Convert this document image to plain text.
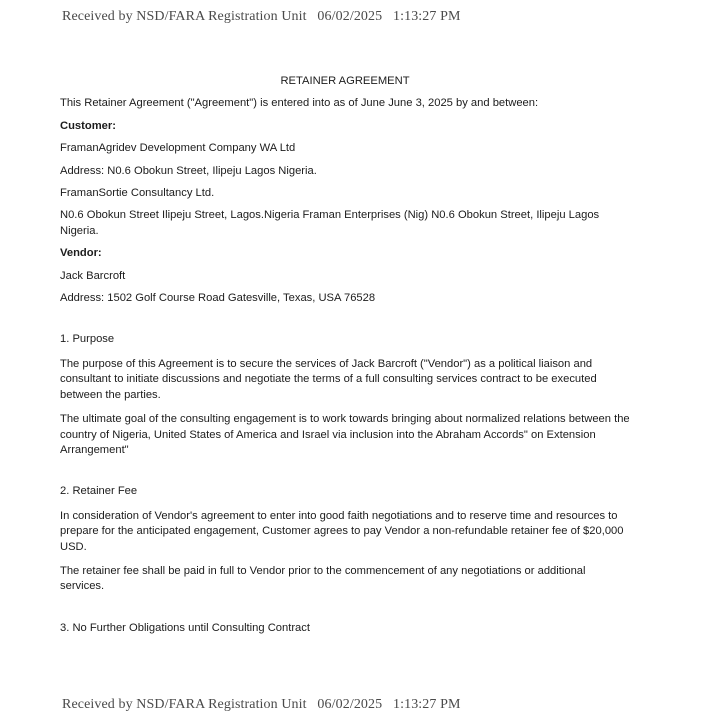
Received by NSD/FARA Registration Unit   06/02/2025   1:13:27 PM

RETAINER AGREEMENT

This Retainer Agreement ("Agreement") is entered into as of June June 3, 2025 by and between:

Customer:

FramanAgridev Development Company WA Ltd

Address: N0.6 Obokun Street, Ilipeju Lagos Nigeria.

FramanSortie Consultancy Ltd.

N0.6 Obokun Street Ilipeju Street, Lagos.Nigeria Framan Enterprises (Nig) N0.6 Obokun Street, Ilipeju Lagos Nigeria.

Vendor:

Jack Barcroft

Address: 1502 Golf Course Road Gatesville, Texas, USA 76528

1. Purpose

The purpose of this Agreement is to secure the services of Jack Barcroft ("Vendor") as a political liaison and consultant to initiate discussions and negotiate the terms of a full consulting services contract to be executed between the parties.

The ultimate goal of the consulting engagement is to work towards bringing about normalized relations between the country of Nigeria, United States of America and Israel via inclusion into the Abraham Accords" on Extension Arrangement"

2. Retainer Fee

In consideration of Vendor's agreement to enter into good faith negotiations and to reserve time and resources to prepare for the anticipated engagement, Customer agrees to pay Vendor a non-refundable retainer fee of $20,000 USD.

The retainer fee shall be paid in full to Vendor prior to the commencement of any negotiations or additional services.

3. No Further Obligations until Consulting Contract

Received by NSD/FARA Registration Unit   06/02/2025   1:13:27 PM
